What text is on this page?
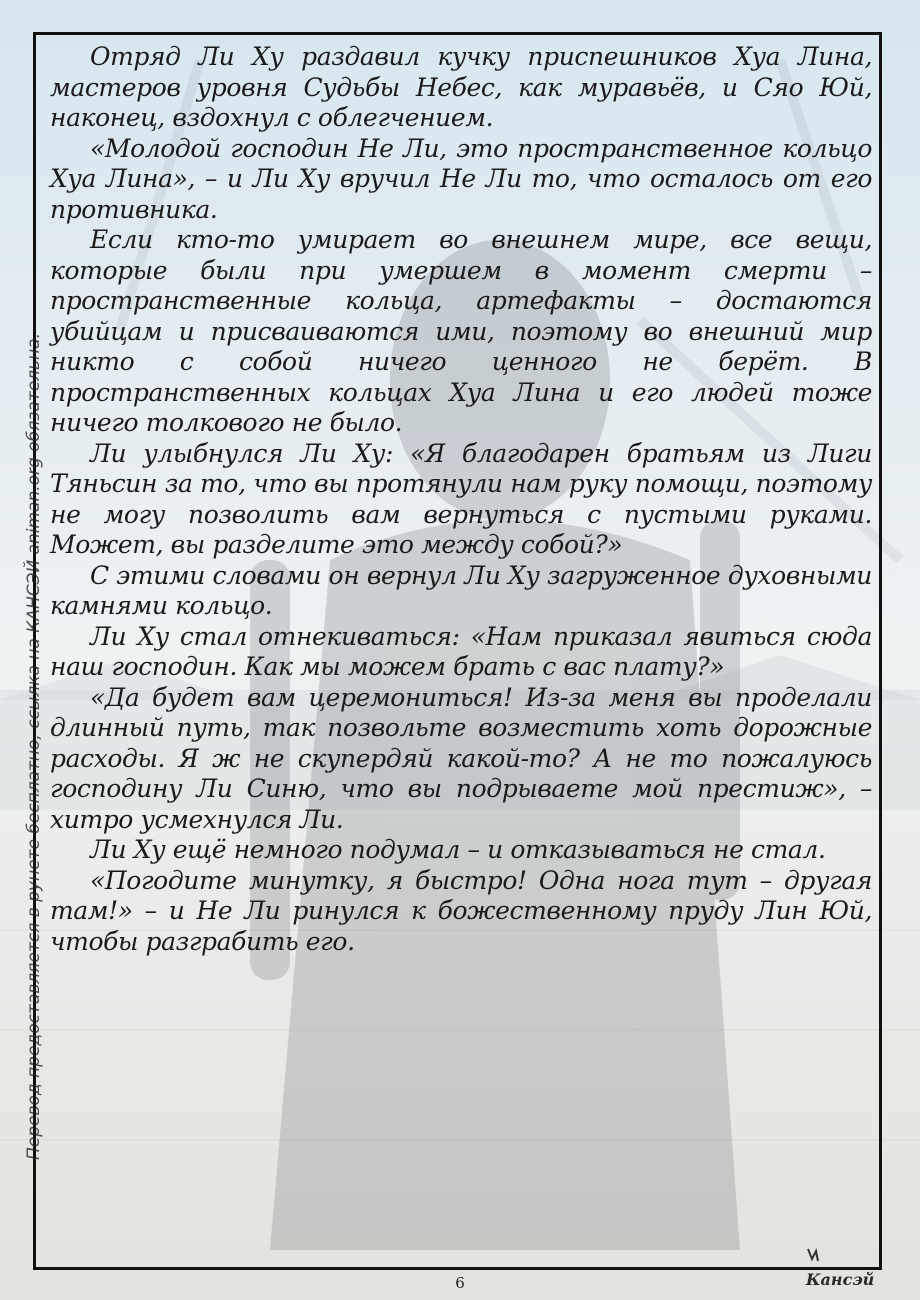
Отряд Ли Ху раздавил кучку приспешников Хуа Лина, мастеров уровня Судьбы Небес, как муравьёв, и Сяо Юй, наконец, вздохнул с облегчением.

«Молодой господин Не Ли, это пространственное кольцо Хуа Лина», – и Ли Ху вручил Не Ли то, что осталось от его противника.

Если кто-то умирает во внешнем мире, все вещи, которые были при умершем в момент смерти – пространственные кольца, артефакты – достаются убийцам и присваиваются ими, поэтому во внешний мир никто с собой ничего ценного не берёт. В пространственных кольцах Хуа Лина и его людей тоже ничего толкового не было.

Ли улыбнулся Ли Ху: «Я благодарен братьям из Лиги Тяньсин за то, что вы протянули нам руку помощи, поэтому не могу позволить вам вернуться с пустыми руками. Может, вы разделите это между собой?»

С этими словами он вернул Ли Ху загруженное духовными камнями кольцо.

Ли Ху стал отнекиваться: «Нам приказал явиться сюда наш господин. Как мы можем брать с вас плату?»

«Да будет вам церемониться! Из-за меня вы проделали длинный путь, так позвольте возместить хоть дорожные расходы. Я ж не скупердяй какой-то? А не то пожалуюсь господину Ли Синю, что вы подрываете мой престиж», – хитро усмехнулся Ли.

Ли Ху ещё немного подумал – и отказываться не стал.

«Погодите минутку, я быстро! Одна нога тут – другая там!» – и Не Ли ринулся к божественному пруду Лин Юй, чтобы разграбить его.

Перевод предоставляется в рунете бесплатно, ссылка на КАНСЭЙ animan.org обязательна.
6	Кансэй
